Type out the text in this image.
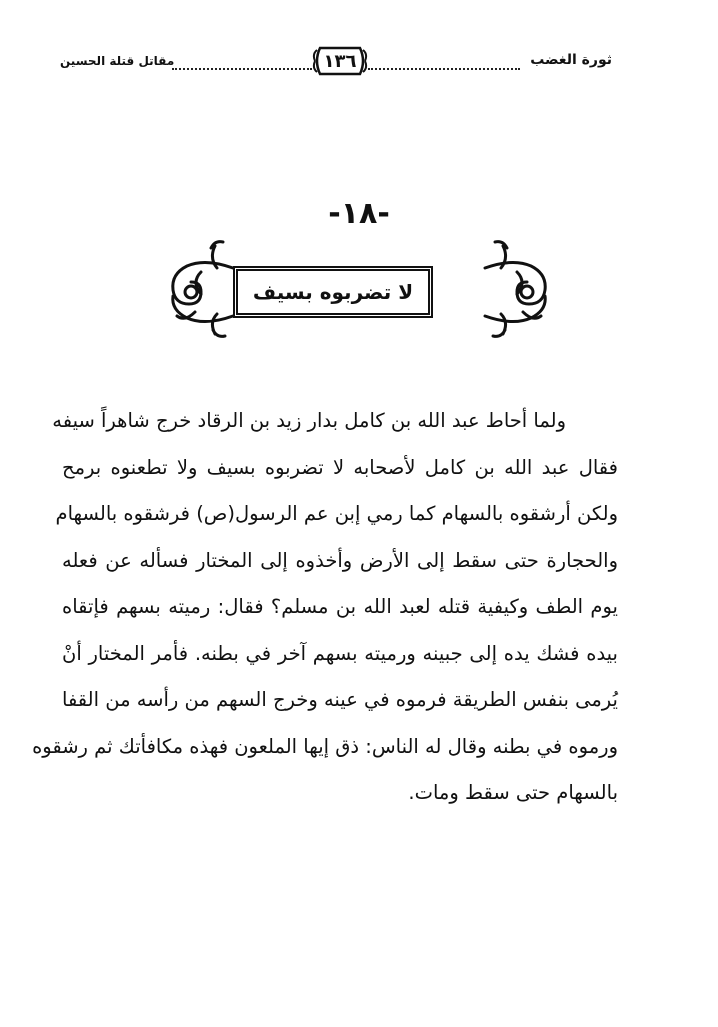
مقاتل قتلة الحسين	١٣٦	ثورة الغضب
-١٨-
لا تضربوه بسيف
ولما أحاط عبد الله بن كامل بدار زيد بن الرقاد خرج شاهراً سيفه
فقال عبد الله بن كامل لأصحابه لا تضربوه بسيف ولا تطعنوه برمح
ولكن أرشقوه بالسهام كما رمي إبن عم الرسول(ص) فرشقوه بالسهام
والحجارة حتى سقط إلى الأرض وأخذوه إلى المختار فسأله عن فعله
يوم الطف وكيفية قتله لعبد الله بن مسلم؟ فقال: رميته بسهم فإتقاه
بيده فشك يده إلى جبينه ورميته بسهم آخر في بطنه. فأمر المختار أنْ
يُرمى بنفس الطريقة فرموه في عينه وخرج السهم من رأسه من القفا
ورموه في بطنه وقال له الناس: ذق إيها الملعون فهذه مكافأتك ثم رشقوه
بالسهام حتى سقط ومات.
